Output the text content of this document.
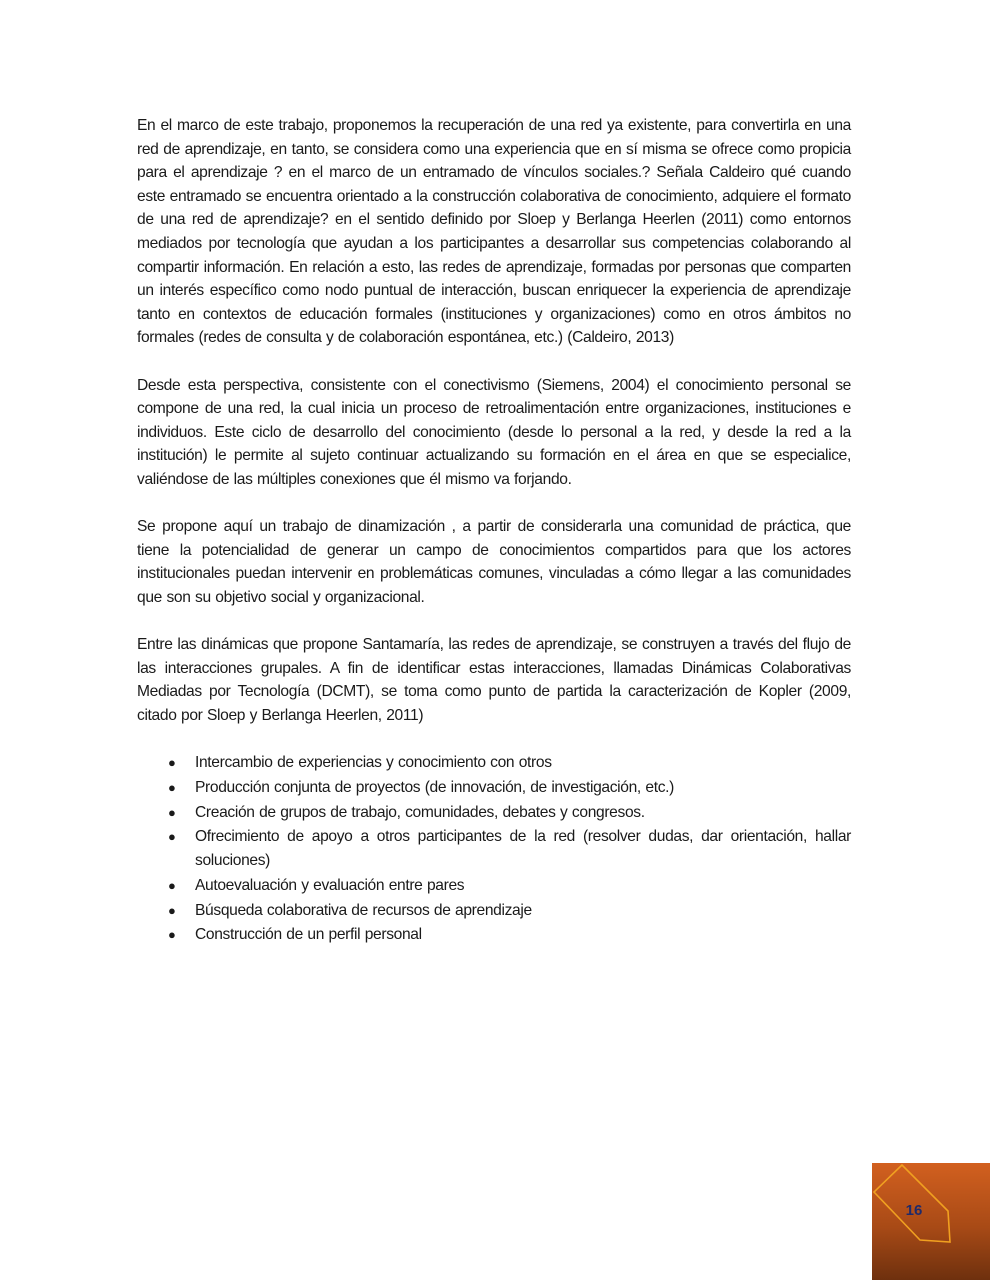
En el marco de este trabajo, proponemos la recuperación de una red ya existente, para convertirla en una red de aprendizaje, en tanto, se considera como una experiencia que en sí misma se ofrece como propicia para el aprendizaje ? en el marco de un entramado de vínculos sociales.? Señala Caldeiro qué cuando este entramado se encuentra orientado a la construcción colaborativa de conocimiento, adquiere el formato de una red de aprendizaje? en el sentido definido por Sloep y Berlanga Heerlen (2011) como entornos mediados por tecnología que ayudan a los participantes a desarrollar sus competencias colaborando al compartir información. En relación a esto, las redes de aprendizaje, formadas por personas que comparten un interés específico como nodo puntual de interacción, buscan enriquecer la experiencia de aprendizaje tanto en contextos de educación formales (instituciones y organizaciones) como en otros ámbitos no formales (redes de consulta y de colaboración espontánea, etc.) (Caldeiro, 2013)

Desde esta perspectiva, consistente con el conectivismo (Siemens, 2004) el conocimiento personal se compone de una red, la cual inicia un proceso de retroalimentación entre organizaciones, instituciones e individuos. Este ciclo de desarrollo del conocimiento (desde lo personal a la red, y desde la red a la institución) le permite al sujeto continuar actualizando su formación en el área en que se especialice, valiéndose de las múltiples conexiones que él mismo va forjando.

Se propone aquí un trabajo de dinamización , a partir de considerarla una comunidad de práctica, que tiene la potencialidad de generar un campo de conocimientos compartidos para que los actores institucionales puedan intervenir en problemáticas comunes, vinculadas a cómo llegar a las comunidades que son su objetivo social y organizacional.

Entre las dinámicas que propone Santamaría, las redes de aprendizaje, se construyen a través del flujo de las interacciones grupales. A fin de identificar estas interacciones, llamadas Dinámicas Colaborativas Mediadas por Tecnología (DCMT), se toma como punto de partida la caracterización de Kopler (2009, citado por Sloep y Berlanga Heerlen, 2011)

● Intercambio de experiencias y conocimiento con otros
● Producción conjunta de proyectos (de innovación, de investigación, etc.)
● Creación de grupos de trabajo, comunidades, debates y congresos.
● Ofrecimiento de apoyo a otros participantes de la red (resolver dudas, dar orientación, hallar soluciones)
● Autoevaluación y evaluación entre pares
● Búsqueda colaborativa de recursos de aprendizaje
● Construcción de un perfil personal
16
